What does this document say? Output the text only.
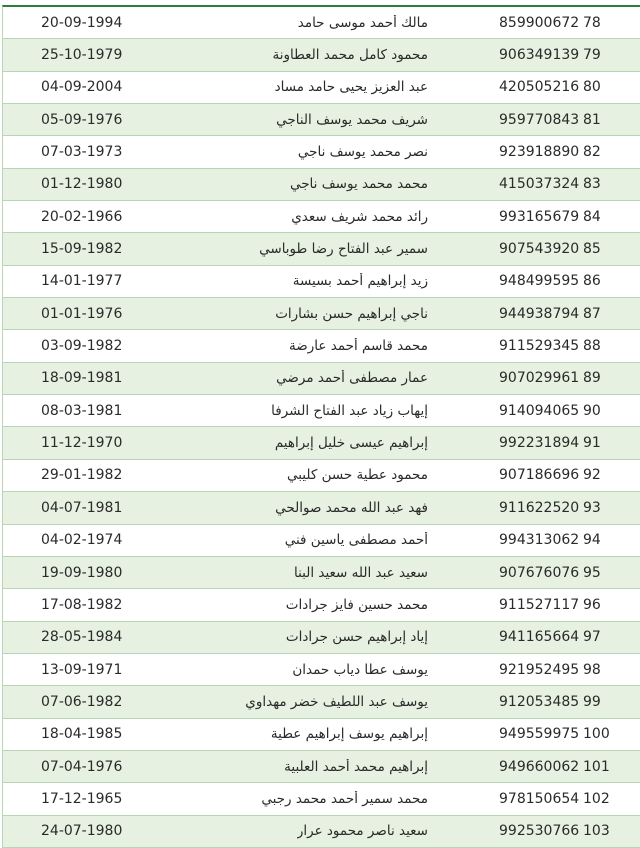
20-09-1994	مالك أحمد موسى حامد	859900672 78
25-10-1979	محمود كامل محمد العطاونة	906349139 79
04-09-2004	عبد العزيز يحيى حامد مساد	420505216 80
05-09-1976	شريف محمد يوسف الناجي	959770843 81
07-03-1973	نصر محمد يوسف ناجي	923918890 82
01-12-1980	محمد محمد يوسف ناجي	415037324 83
20-02-1966	رائد محمد شريف سعدي	993165679 84
15-09-1982	سمير عبد الفتاح رضا طوباسي	907543920 85
14-01-1977	زيد إبراهيم أحمد بسيسة	948499595 86
01-01-1976	ناجي إبراهيم حسن بشارات	944938794 87
03-09-1982	محمد قاسم أحمد عارضة	911529345 88
18-09-1981	عمار مصطفى أحمد مرضي	907029961 89
08-03-1981	إيهاب زياد عبد الفتاح الشرفا	914094065 90
11-12-1970	إبراهيم عيسى خليل إبراهيم	992231894 91
29-01-1982	محمود عطية حسن كليبي	907186696 92
04-07-1981	فهد عبد الله محمد صوالحي	911622520 93
04-02-1974	أحمد مصطفى ياسين فني	994313062 94
19-09-1980	سعيد عبد الله سعيد البنا	907676076 95
17-08-1982	محمد حسين فايز جرادات	911527117 96
28-05-1984	إياد إبراهيم حسن جرادات	941165664 97
13-09-1971	يوسف عطا دياب حمدان	921952495 98
07-06-1982	يوسف عبد اللطيف خضر مهداوي	912053485 99
18-04-1985	إبراهيم يوسف إبراهيم عطية	949559975 100
07-04-1976	إبراهيم محمد أحمد العلبية	949660062 101
17-12-1965	محمد سمير أحمد محمد رجبي	978150654 102
24-07-1980	سعيد ناصر محمود عرار	992530766 103
